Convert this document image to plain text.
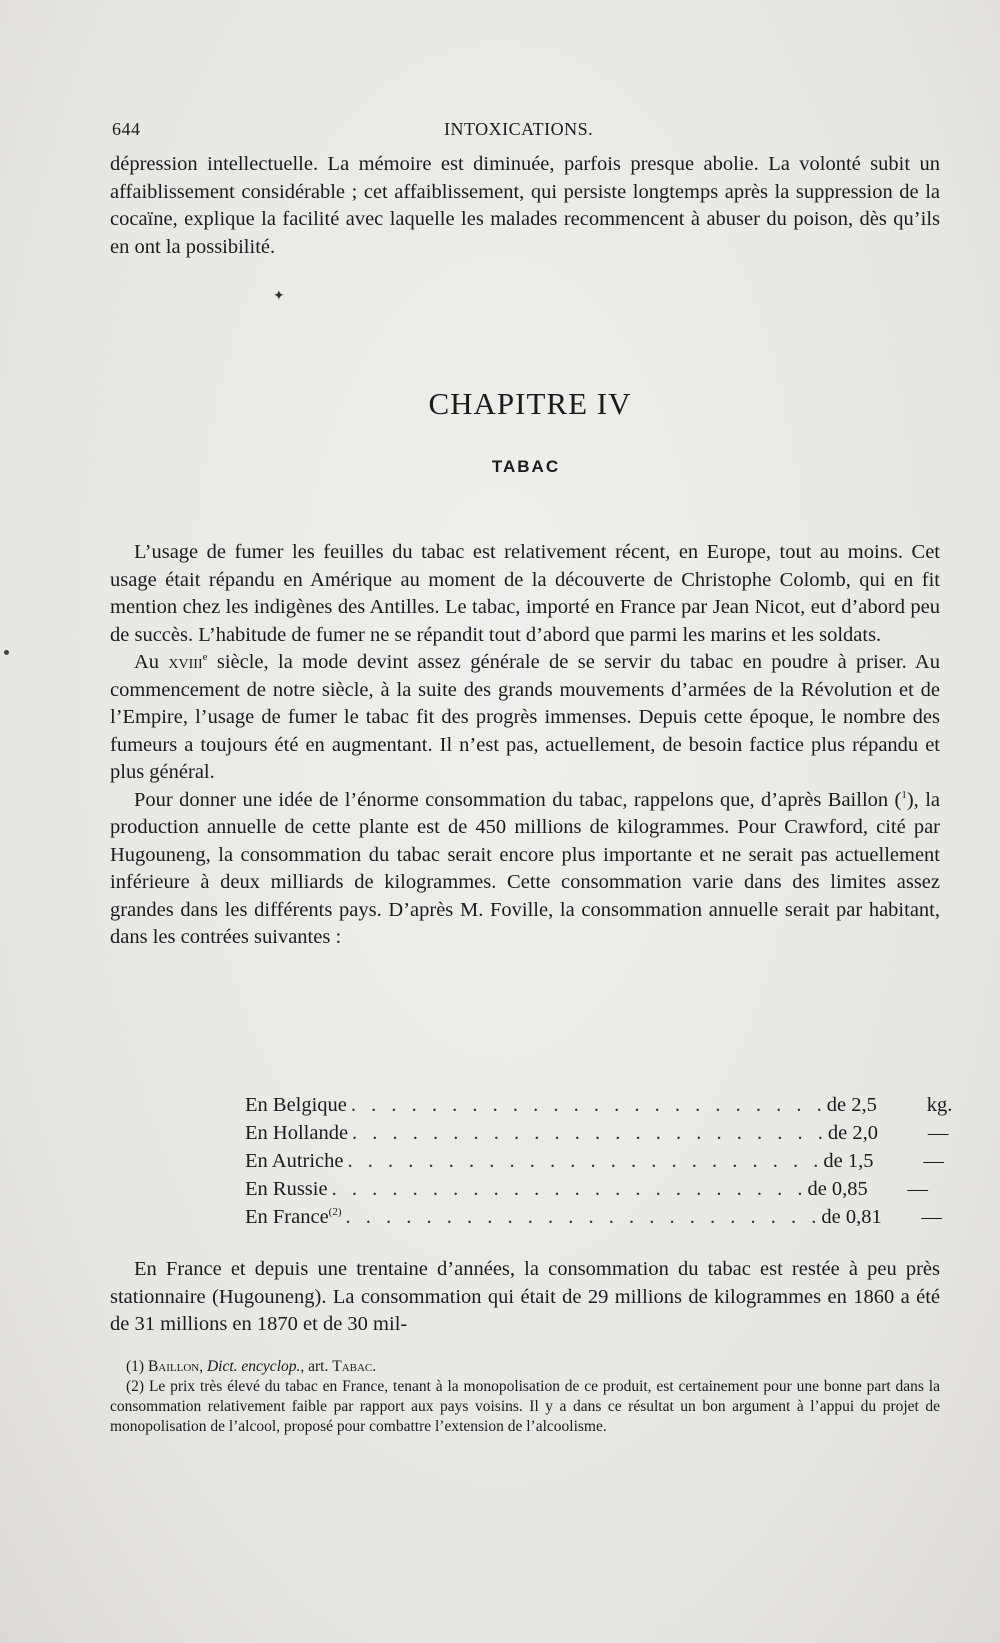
644	INTOXICATIONS.

dépression intellectuelle. La mémoire est diminuée, parfois presque abolie. La volonté subit un affaiblissement considérable ; cet affaiblissement, qui persiste longtemps après la suppression de la cocaïne, explique la facilité avec laquelle les malades recommencent à abuser du poison, dès qu’ils en ont la possibilité.

✦
CHAPITRE IV
TABAC

L’usage de fumer les feuilles du tabac est relativement récent, en Europe, tout au moins. Cet usage était répandu en Amérique au moment de la découverte de Christophe Colomb, qui en fit mention chez les indigènes des Antilles. Le tabac, importé en France par Jean Nicot, eut d’abord peu de succès. L’habitude de fumer ne se répandit tout d’abord que parmi les marins et les soldats.

Au xviii$^e$ siècle, la mode devint assez générale de se servir du tabac en poudre à priser. Au commencement de notre siècle, à la suite des grands mouvements d’armées de la Révolution et de l’Empire, l’usage de fumer le tabac fit des progrès immenses. Depuis cette époque, le nombre des fumeurs a toujours été en augmentant. Il n’est pas, actuellement, de besoin factice plus répandu et plus général.

Pour donner une idée de l’énorme consommation du tabac, rappelons que, d’après Baillon ($^1$), la production annuelle de cette plante est de 450 millions de kilogrammes. Pour Crawford, cité par Hugouneng, la consommation du tabac serait encore plus importante et ne serait pas actuellement inférieure à deux milliards de kilogrammes. Cette consommation varie dans des limites assez grandes dans les différents pays. D’après M. Foville, la consommation annuelle serait par habitant, dans les contrées suivantes :

En Belgique . . . . . . . . . . . . . . . . . . . . . . . . de 2,5	kg.
En Hollande . . . . . . . . . . . . . . . . . . . . . . . . de 2,0	—
En Autriche . . . . . . . . . . . . . . . . . . . . . . . . de 1,5	—
En Russie . . . . . . . . . . . . . . . . . . . . . . . . de 0,85	—
En France$^{(2)}$ . . . . . . . . . . . . . . . . . . . . . . . . de 0,81	—

En France et depuis une trentaine d’années, la consommation du tabac est restée à peu près stationnaire (Hugouneng). La consommation qui était de 29 millions de kilogrammes en 1860 a été de 31 millions en 1870 et de 30 mil-

(1) Baillon, Dict. encyclop., art. Tabac.

(2) Le prix très élevé du tabac en France, tenant à la monopolisation de ce produit, est certainement pour une bonne part dans la consommation relativement faible par rapport aux pays voisins. Il y a dans ce résultat un bon argument à l’appui du projet de monopolisation de l’alcool, proposé pour combattre l’extension de l’alcoolisme.
